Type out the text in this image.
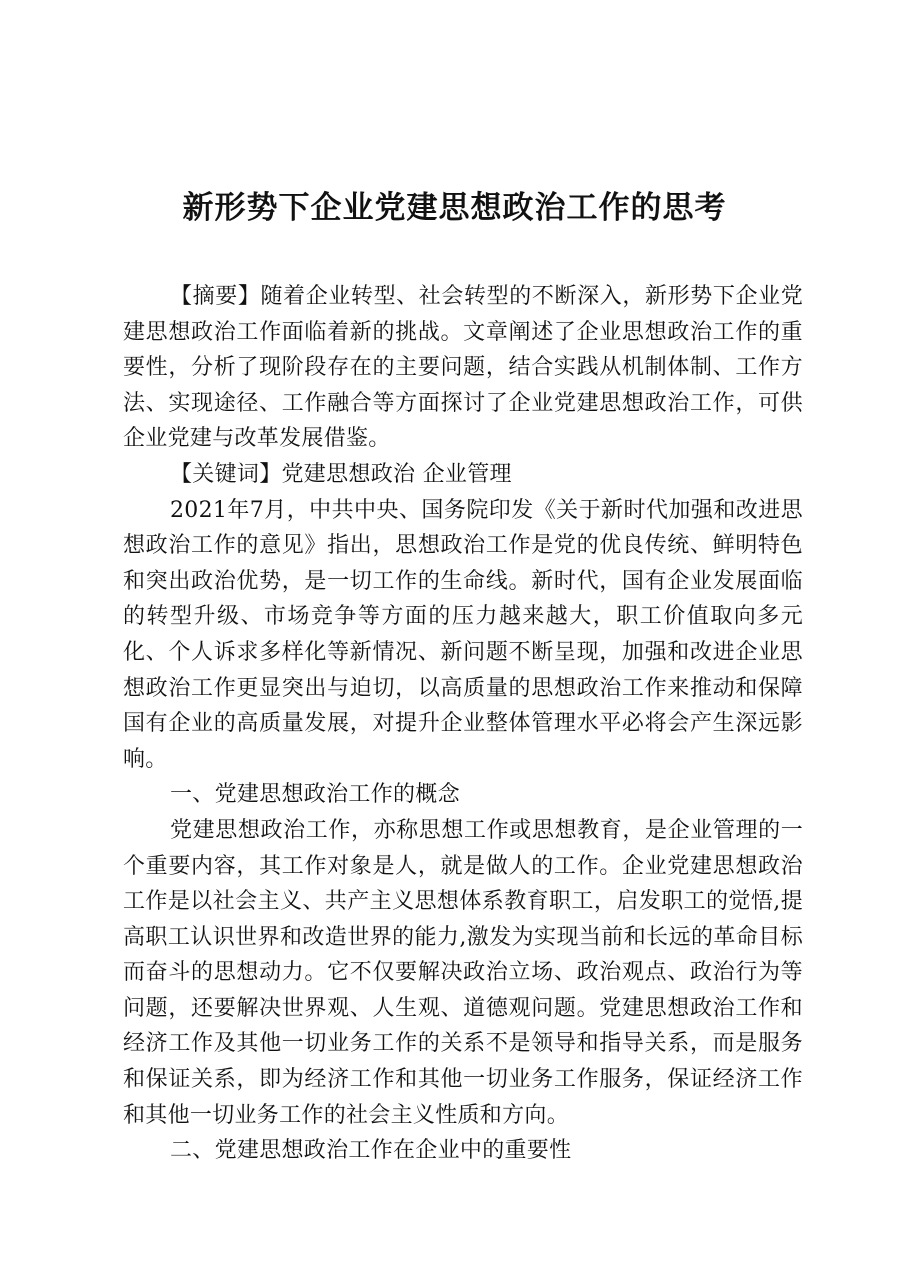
新形势下企业党建思想政治工作的思考

【摘要】随着企业转型、社会转型的不断深入，新形势下企业党建思想政治工作面临着新的挑战。文章阐述了企业思想政治工作的重要性，分析了现阶段存在的主要问题，结合实践从机制体制、工作方法、实现途径、工作融合等方面探讨了企业党建思想政治工作，可供企业党建与改革发展借鉴。

【关键词】党建思想政治 企业管理

2021年7月，中共中央、国务院印发《关于新时代加强和改进思想政治工作的意见》指出，思想政治工作是党的优良传统、鲜明特色和突出政治优势，是一切工作的生命线。新时代，国有企业发展面临的转型升级、市场竞争等方面的压力越来越大，职工价值取向多元化、个人诉求多样化等新情况、新问题不断呈现，加强和改进企业思想政治工作更显突出与迫切，以高质量的思想政治工作来推动和保障国有企业的高质量发展，对提升企业整体管理水平必将会产生深远影响。

一、党建思想政治工作的概念

党建思想政治工作，亦称思想工作或思想教育，是企业管理的一个重要内容，其工作对象是人，就是做人的工作。企业党建思想政治工作是以社会主义、共产主义思想体系教育职工，启发职工的觉悟,提高职工认识世界和改造世界的能力,激发为实现当前和长远的革命目标而奋斗的思想动力。它不仅要解决政治立场、政治观点、政治行为等问题，还要解决世界观、人生观、道德观问题。党建思想政治工作和经济工作及其他一切业务工作的关系不是领导和指导关系，而是服务和保证关系，即为经济工作和其他一切业务工作服务，保证经济工作和其他一切业务工作的社会主义性质和方向。

二、党建思想政治工作在企业中的重要性
